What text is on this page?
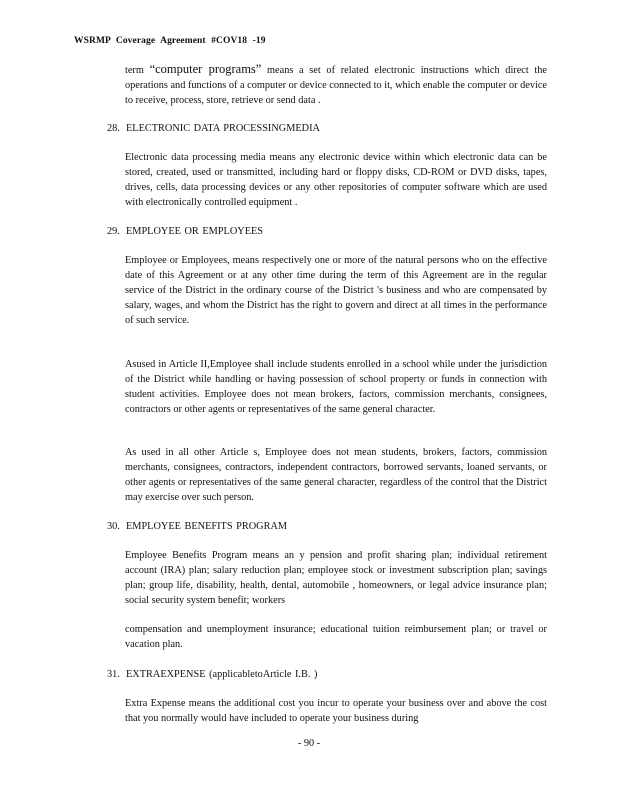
WSRMP Coverage Agreement #COV18 -19

term “computer programs” means a set of related electronic instructions which direct the operations and functions of a computer or device connected to it, which enable the computer or device to receive, process, store, retrieve or send data .

28. ELECTRONIC DATA PROCESSINGMEDIA

Electronic data processing media means any electronic device within which electronic data can be stored, created, used or transmitted, including hard or floppy disks, CD-ROM or DVD disks, tapes, drives, cells, data processing devices or any other repositories of computer software which are used with electronically controlled equipment .

29. EMPLOYEE OR EMPLOYEES

Employee or Employees, means respectively one or more of the natural persons who on the effective date of this Agreement or at any other time during the term of this Agreement are in the regular service of the District in the ordinary course of the District 's business and who are compensated by salary, wages, and whom the District has the right to govern and direct at all times in the performance of such service.

Asused in Article II,Employee shall include students enrolled in a school while under the jurisdiction of the District while handling or having possession of school property or funds in connection with student activities. Employee does not mean brokers, factors, commission merchants, consignees, contractors or other agents or representatives of the same general character.

As used in all other Article s, Employee does not mean students, brokers, factors, commission merchants, consignees, contractors, independent contractors, borrowed servants, loaned servants, or other agents or representatives of the same general character, regardless of the control that the District may exercise over such person.

30. EMPLOYEE BENEFITS PROGRAM

Employee Benefits Program means an y pension and profit sharing plan; individual retirement account (IRA) plan; salary reduction plan; employee stock or investment subscription plan; savings plan; group life, disability, health, dental, automobile , homeowners, or legal advice insurance plan; social security system benefit; workers

compensation and unemployment insurance; educational tuition reimbursement plan; or travel or vacation plan.

31. EXTRAEXPENSE (applicabletoArticle I.B. )

Extra Expense means the additional cost you incur to operate your business over and above the cost that you normally would have included to operate your business during

- 90 -
